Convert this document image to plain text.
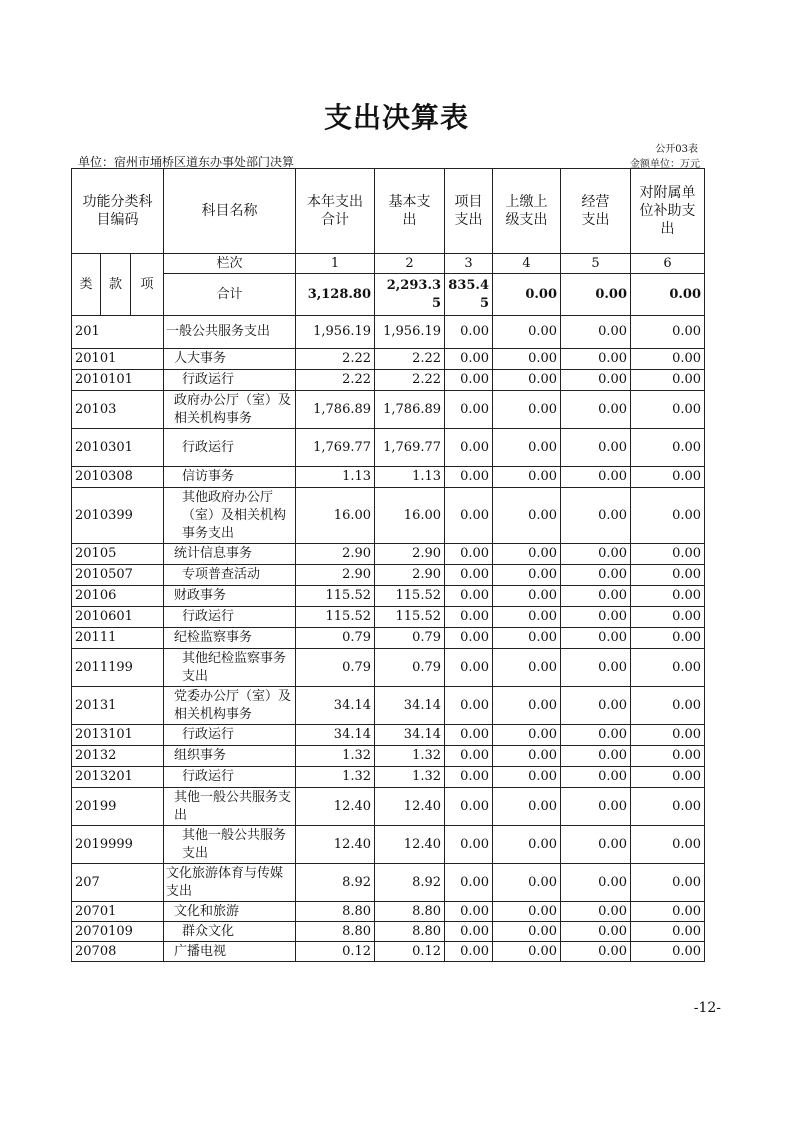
支出决算表
公开03表
单位：宿州市埇桥区道东办事处部门决算	金额单位：万元
功能分类科目编码			科目名称	本年支出合计	基本支出	项目支出	上缴上级支出	经营支出	对附属单位补助支出
类	款	项	栏次	1	2	3	4	5	6
			合计	3,128.80	2,293.35	835.45	0.00	0.00	0.00
201			一般公共服务支出	1,956.19	1,956.19	0.00	0.00	0.00	0.00
20101			人大事务	2.22	2.22	0.00	0.00	0.00	0.00
2010101			行政运行	2.22	2.22	0.00	0.00	0.00	0.00
20103			政府办公厅（室）及相关机构事务	1,786.89	1,786.89	0.00	0.00	0.00	0.00
2010301			行政运行	1,769.77	1,769.77	0.00	0.00	0.00	0.00
2010308			信访事务	1.13	1.13	0.00	0.00	0.00	0.00
2010399			其他政府办公厅（室）及相关机构事务支出	16.00	16.00	0.00	0.00	0.00	0.00
20105			统计信息事务	2.90	2.90	0.00	0.00	0.00	0.00
2010507			专项普查活动	2.90	2.90	0.00	0.00	0.00	0.00
20106			财政事务	115.52	115.52	0.00	0.00	0.00	0.00
2010601			行政运行	115.52	115.52	0.00	0.00	0.00	0.00
20111			纪检监察事务	0.79	0.79	0.00	0.00	0.00	0.00
2011199			其他纪检监察事务支出	0.79	0.79	0.00	0.00	0.00	0.00
20131			党委办公厅（室）及相关机构事务	34.14	34.14	0.00	0.00	0.00	0.00
2013101			行政运行	34.14	34.14	0.00	0.00	0.00	0.00
20132			组织事务	1.32	1.32	0.00	0.00	0.00	0.00
2013201			行政运行	1.32	1.32	0.00	0.00	0.00	0.00
20199			其他一般公共服务支出	12.40	12.40	0.00	0.00	0.00	0.00
2019999			其他一般公共服务支出	12.40	12.40	0.00	0.00	0.00	0.00
207			文化旅游体育与传媒支出	8.92	8.92	0.00	0.00	0.00	0.00
20701			文化和旅游	8.80	8.80	0.00	0.00	0.00	0.00
2070109			群众文化	8.80	8.80	0.00	0.00	0.00	0.00
20708			广播电视	0.12	0.12	0.00	0.00	0.00	0.00
-12-
